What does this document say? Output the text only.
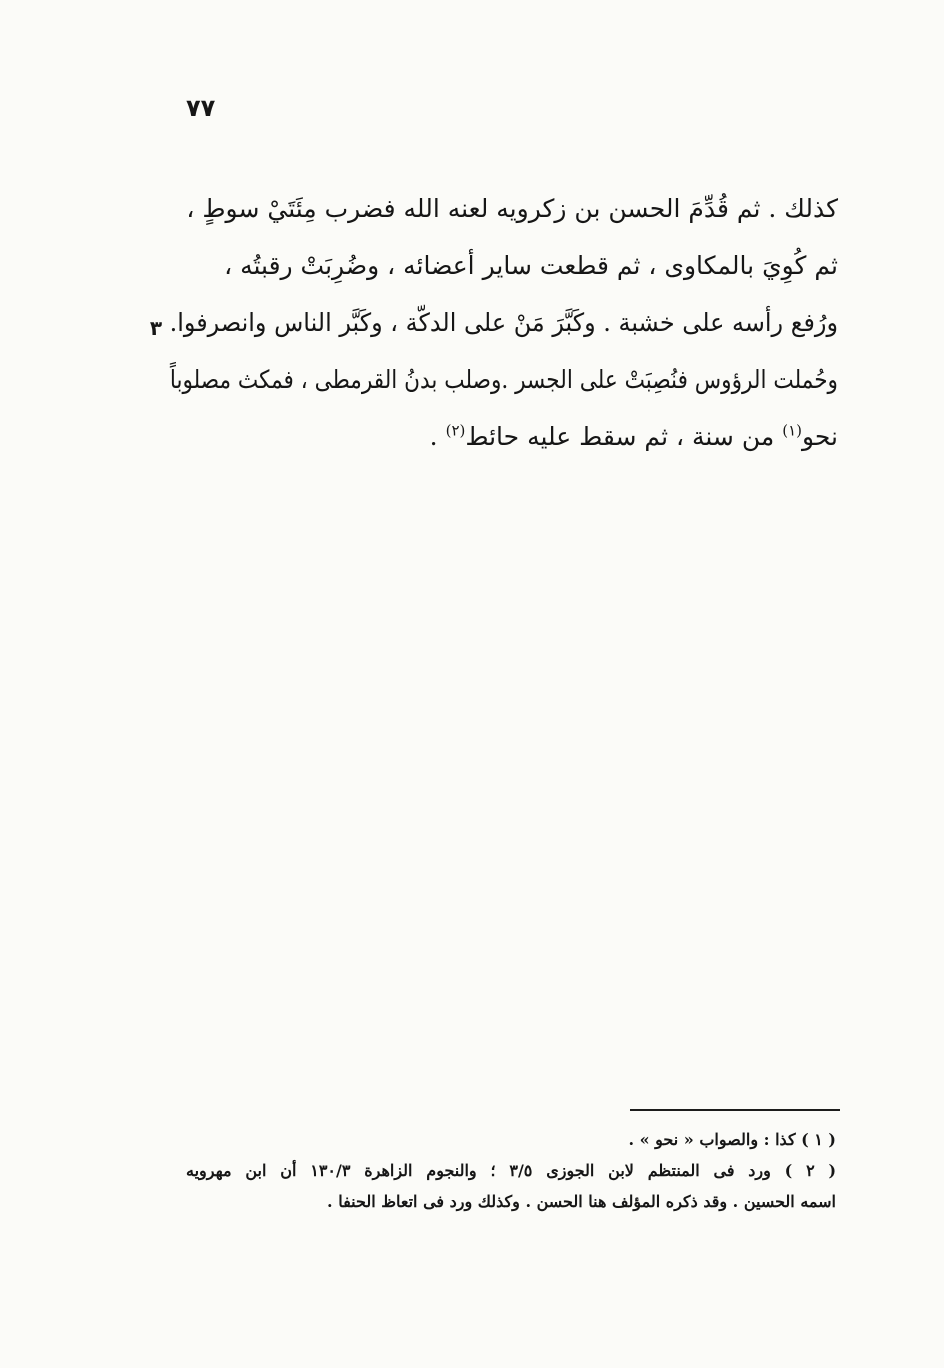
٧٧
كذلك . ثم قُدِّمَ الحسن بن زكرويه لعنه الله فضرب مِئَتَيْ سوطٍ ،
ثم كُوِيَ بالمكاوى ، ثم قطعت ساير أعضائه ، وضُرِبَتْ رقبتُه ،
ورُفع رأسه على خشبة . وكَبَّرَ مَنْ على الدكّة ، وكَبَّر الناس وانصرفوا.
وحُملت الرؤوس فنُصِبَتْ على الجسر .وصلب بدنُ القرمطى ، فمكث مصلوباً
نحو$^{(١)}$ من سنة ، ثم سقط عليه حائط$^{(٢)}$ .
٣
( ١ ) كذا : والصواب « نحو » .
( ٢ ) ورد فى المنتظم لابن الجوزى ٣/٥ ؛ والنجوم الزاهرة ١٣٠/٣ أن ابن مهرويه
اسمه الحسين . وقد ذكره المؤلف هنا الحسن . وكذلك ورد فى اتعاظ الحنفا .
